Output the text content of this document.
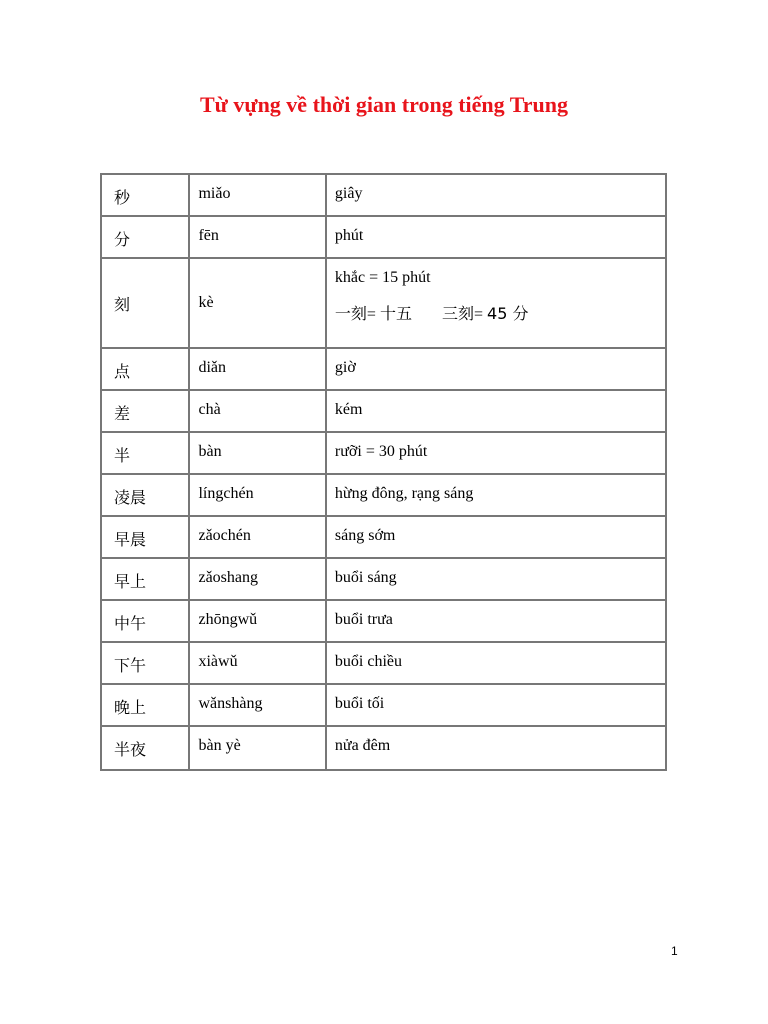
Từ vựng về thời gian trong tiếng Trung
秒	miǎo	giây
分	fēn	phút
刻	kè	khắc = 15 phút
一刻= 十五 三刻= 45 分

点	diǎn	giờ
差	chà	kém
半	bàn	rưỡi = 30 phút
凌晨	língchén	hừng đông, rạng sáng
早晨	zǎochén	sáng sớm
早上	zǎoshang	buổi sáng
中午	zhōngwǔ	buổi trưa
下午	xiàwǔ	buổi chiều
晚上	wǎnshàng	buổi tối
半夜	bàn yè	nửa đêm
1
